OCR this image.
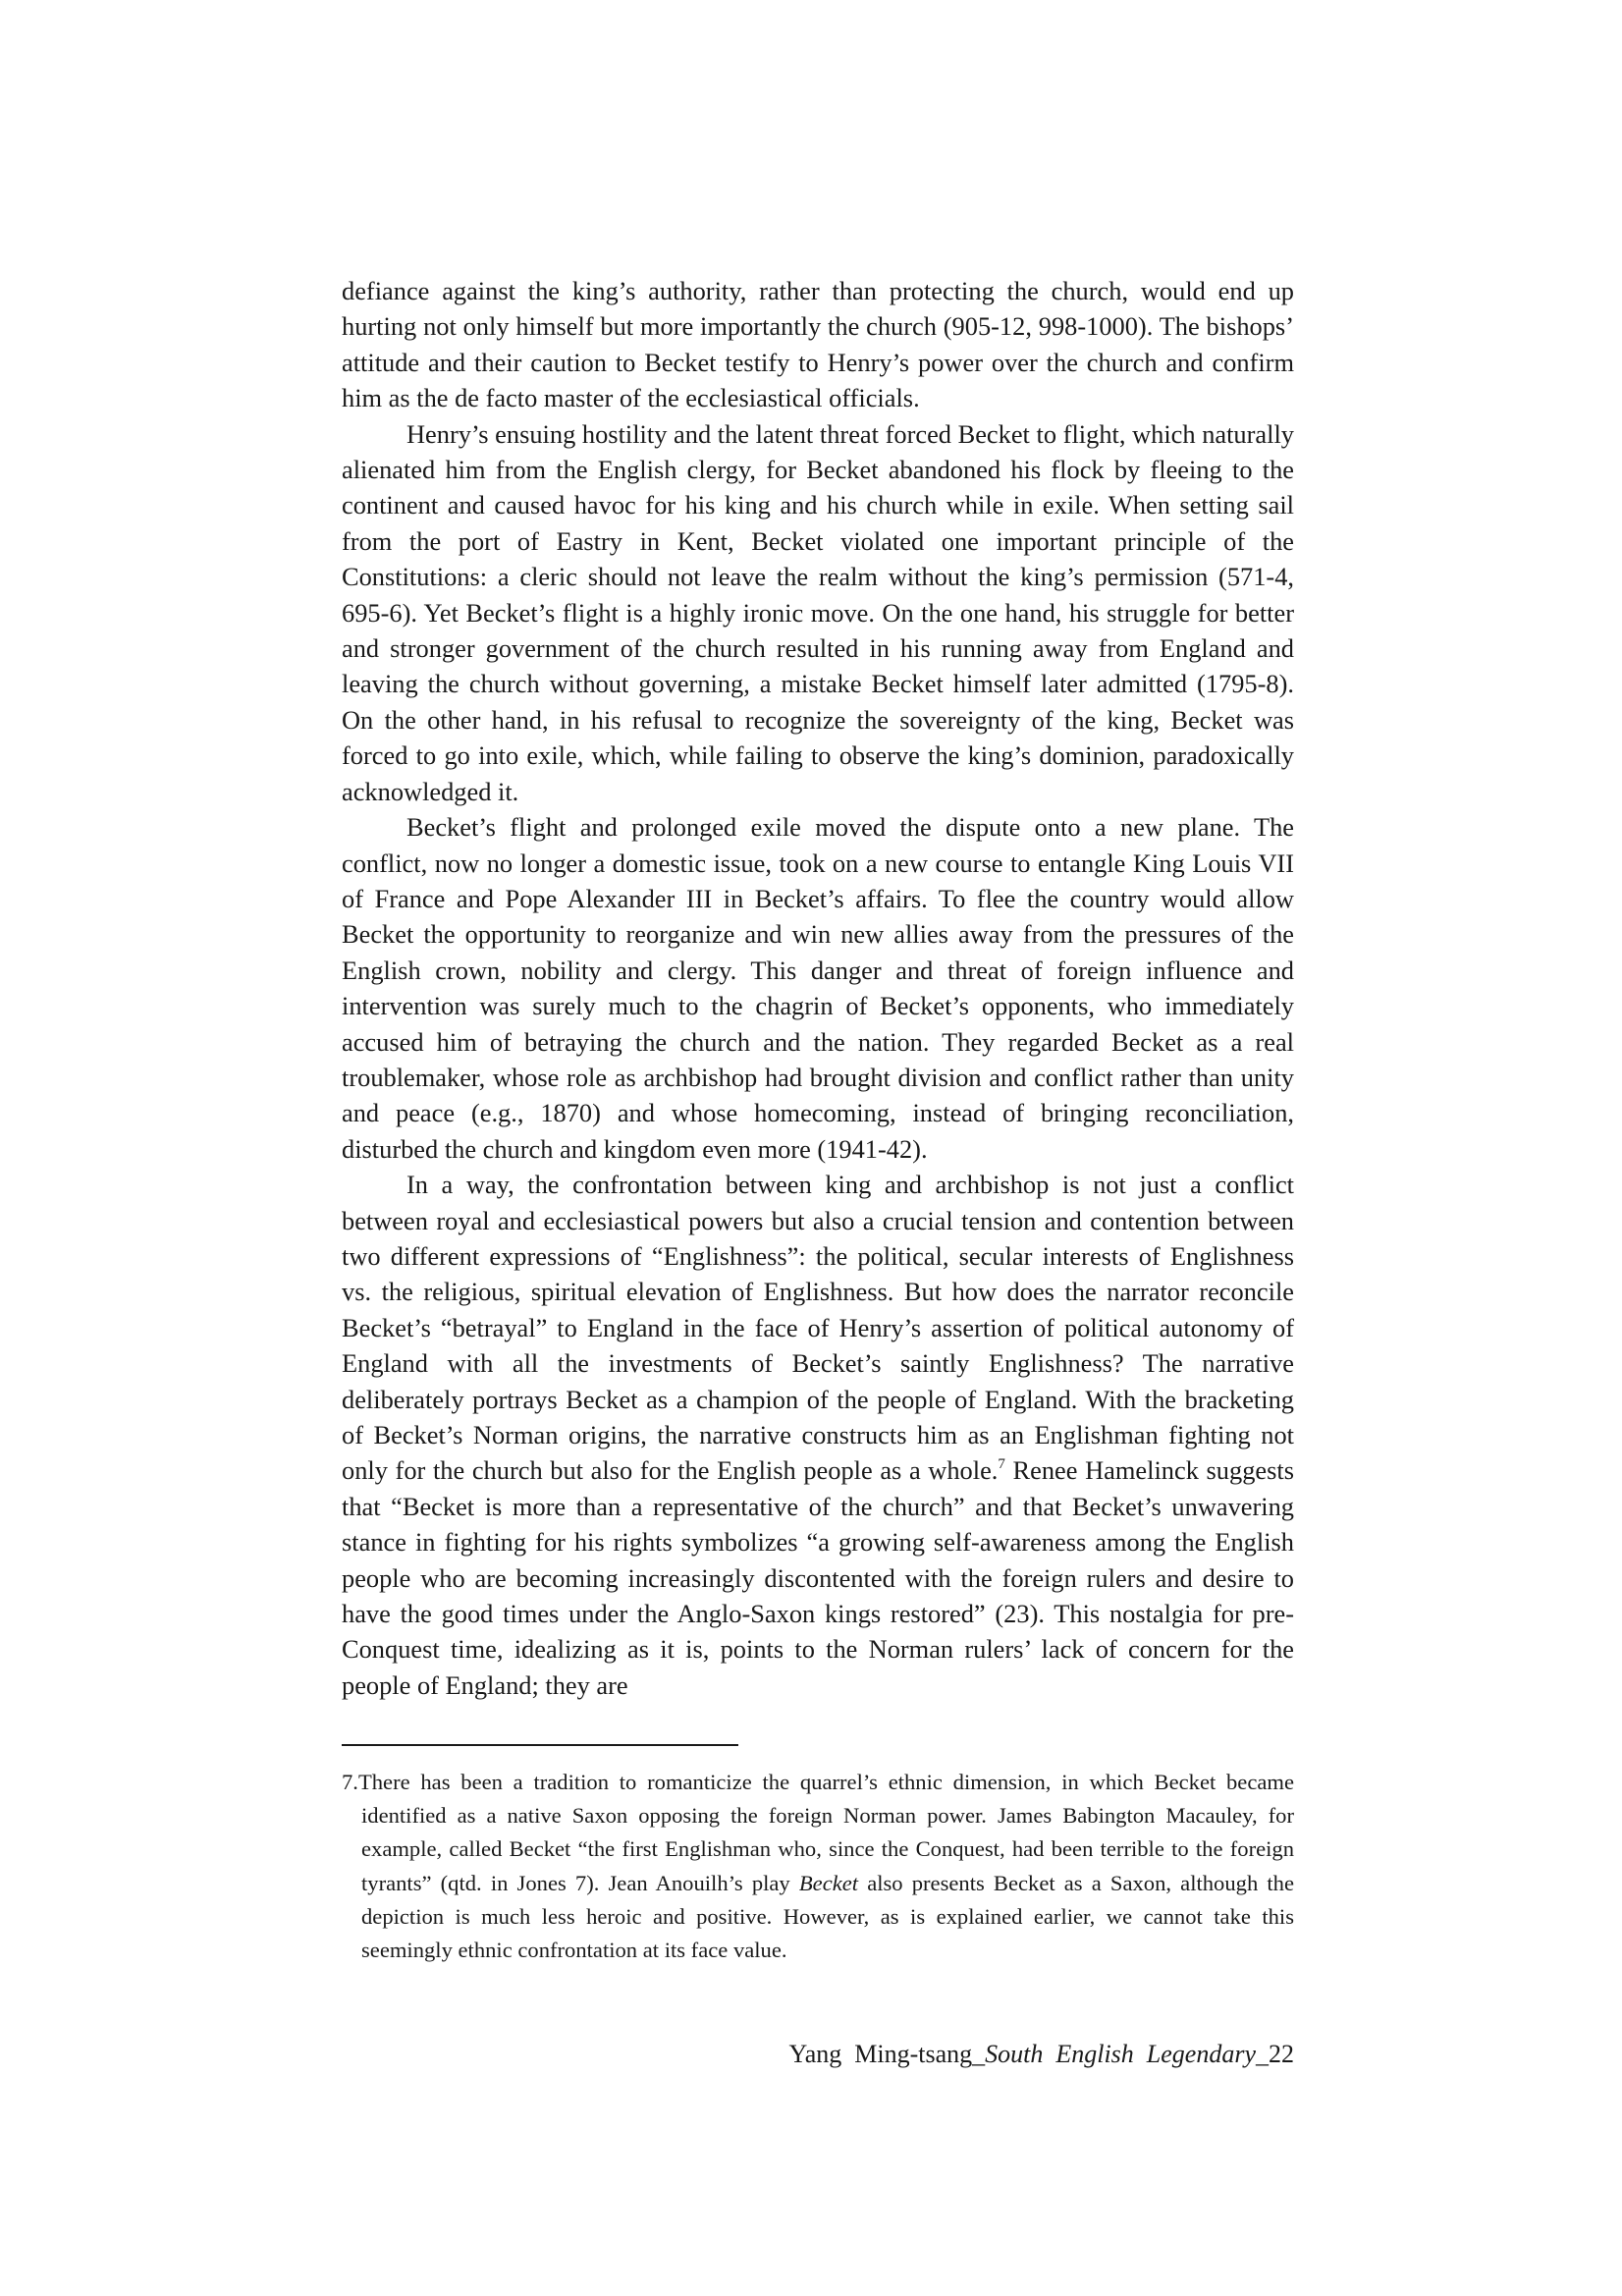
defiance against the king’s authority, rather than protecting the church, would end up hurting not only himself but more importantly the church (905-12, 998-1000). The bishops’ attitude and their caution to Becket testify to Henry’s power over the church and confirm him as the de facto master of the ecclesiastical officials.

Henry’s ensuing hostility and the latent threat forced Becket to flight, which naturally alienated him from the English clergy, for Becket abandoned his flock by fleeing to the continent and caused havoc for his king and his church while in exile. When setting sail from the port of Eastry in Kent, Becket violated one important principle of the Constitutions: a cleric should not leave the realm without the king’s permission (571-4, 695-6). Yet Becket’s flight is a highly ironic move. On the one hand, his struggle for better and stronger government of the church resulted in his running away from England and leaving the church without governing, a mistake Becket himself later admitted (1795-8). On the other hand, in his refusal to recognize the sovereignty of the king, Becket was forced to go into exile, which, while failing to observe the king’s dominion, paradoxically acknowledged it.

Becket’s flight and prolonged exile moved the dispute onto a new plane. The conflict, now no longer a domestic issue, took on a new course to entangle King Louis VII of France and Pope Alexander III in Becket’s affairs. To flee the country would allow Becket the opportunity to reorganize and win new allies away from the pressures of the English crown, nobility and clergy. This danger and threat of foreign influence and intervention was surely much to the chagrin of Becket’s opponents, who immediately accused him of betraying the church and the nation. They regarded Becket as a real troublemaker, whose role as archbishop had brought division and conflict rather than unity and peace (e.g., 1870) and whose homecoming, instead of bringing reconciliation, disturbed the church and kingdom even more (1941-42).

In a way, the confrontation between king and archbishop is not just a conflict between royal and ecclesiastical powers but also a crucial tension and contention between two different expressions of “Englishness”: the political, secular interests of Englishness vs. the religious, spiritual elevation of Englishness. But how does the narrator reconcile Becket’s “betrayal” to England in the face of Henry’s assertion of political autonomy of England with all the investments of Becket’s saintly Englishness? The narrative deliberately portrays Becket as a champion of the people of England. With the bracketing of Becket’s Norman origins, the narrative constructs him as an Englishman fighting not only for the church but also for the English people as a whole.$^7$ Renee Hamelinck suggests that “Becket is more than a representative of the church” and that Becket’s unwavering stance in fighting for his rights symbolizes “a growing self-awareness among the English people who are becoming increasingly discontented with the foreign rulers and desire to have the good times under the Anglo-Saxon kings restored” (23). This nostalgia for pre-Conquest time, idealizing as it is, points to the Norman rulers’ lack of concern for the people of England; they are

7.There has been a tradition to romanticize the quarrel’s ethnic dimension, in which Becket became identified as a native Saxon opposing the foreign Norman power. James Babington Macauley, for example, called Becket “the first Englishman who, since the Conquest, had been terrible to the foreign tyrants” (qtd. in Jones 7). Jean Anouilh’s play Becket also presents Becket as a Saxon, although the depiction is much less heroic and positive. However, as is explained earlier, we cannot take this seemingly ethnic confrontation at its face value.
Yang  Ming-tsang_South  English  Legendary_22
